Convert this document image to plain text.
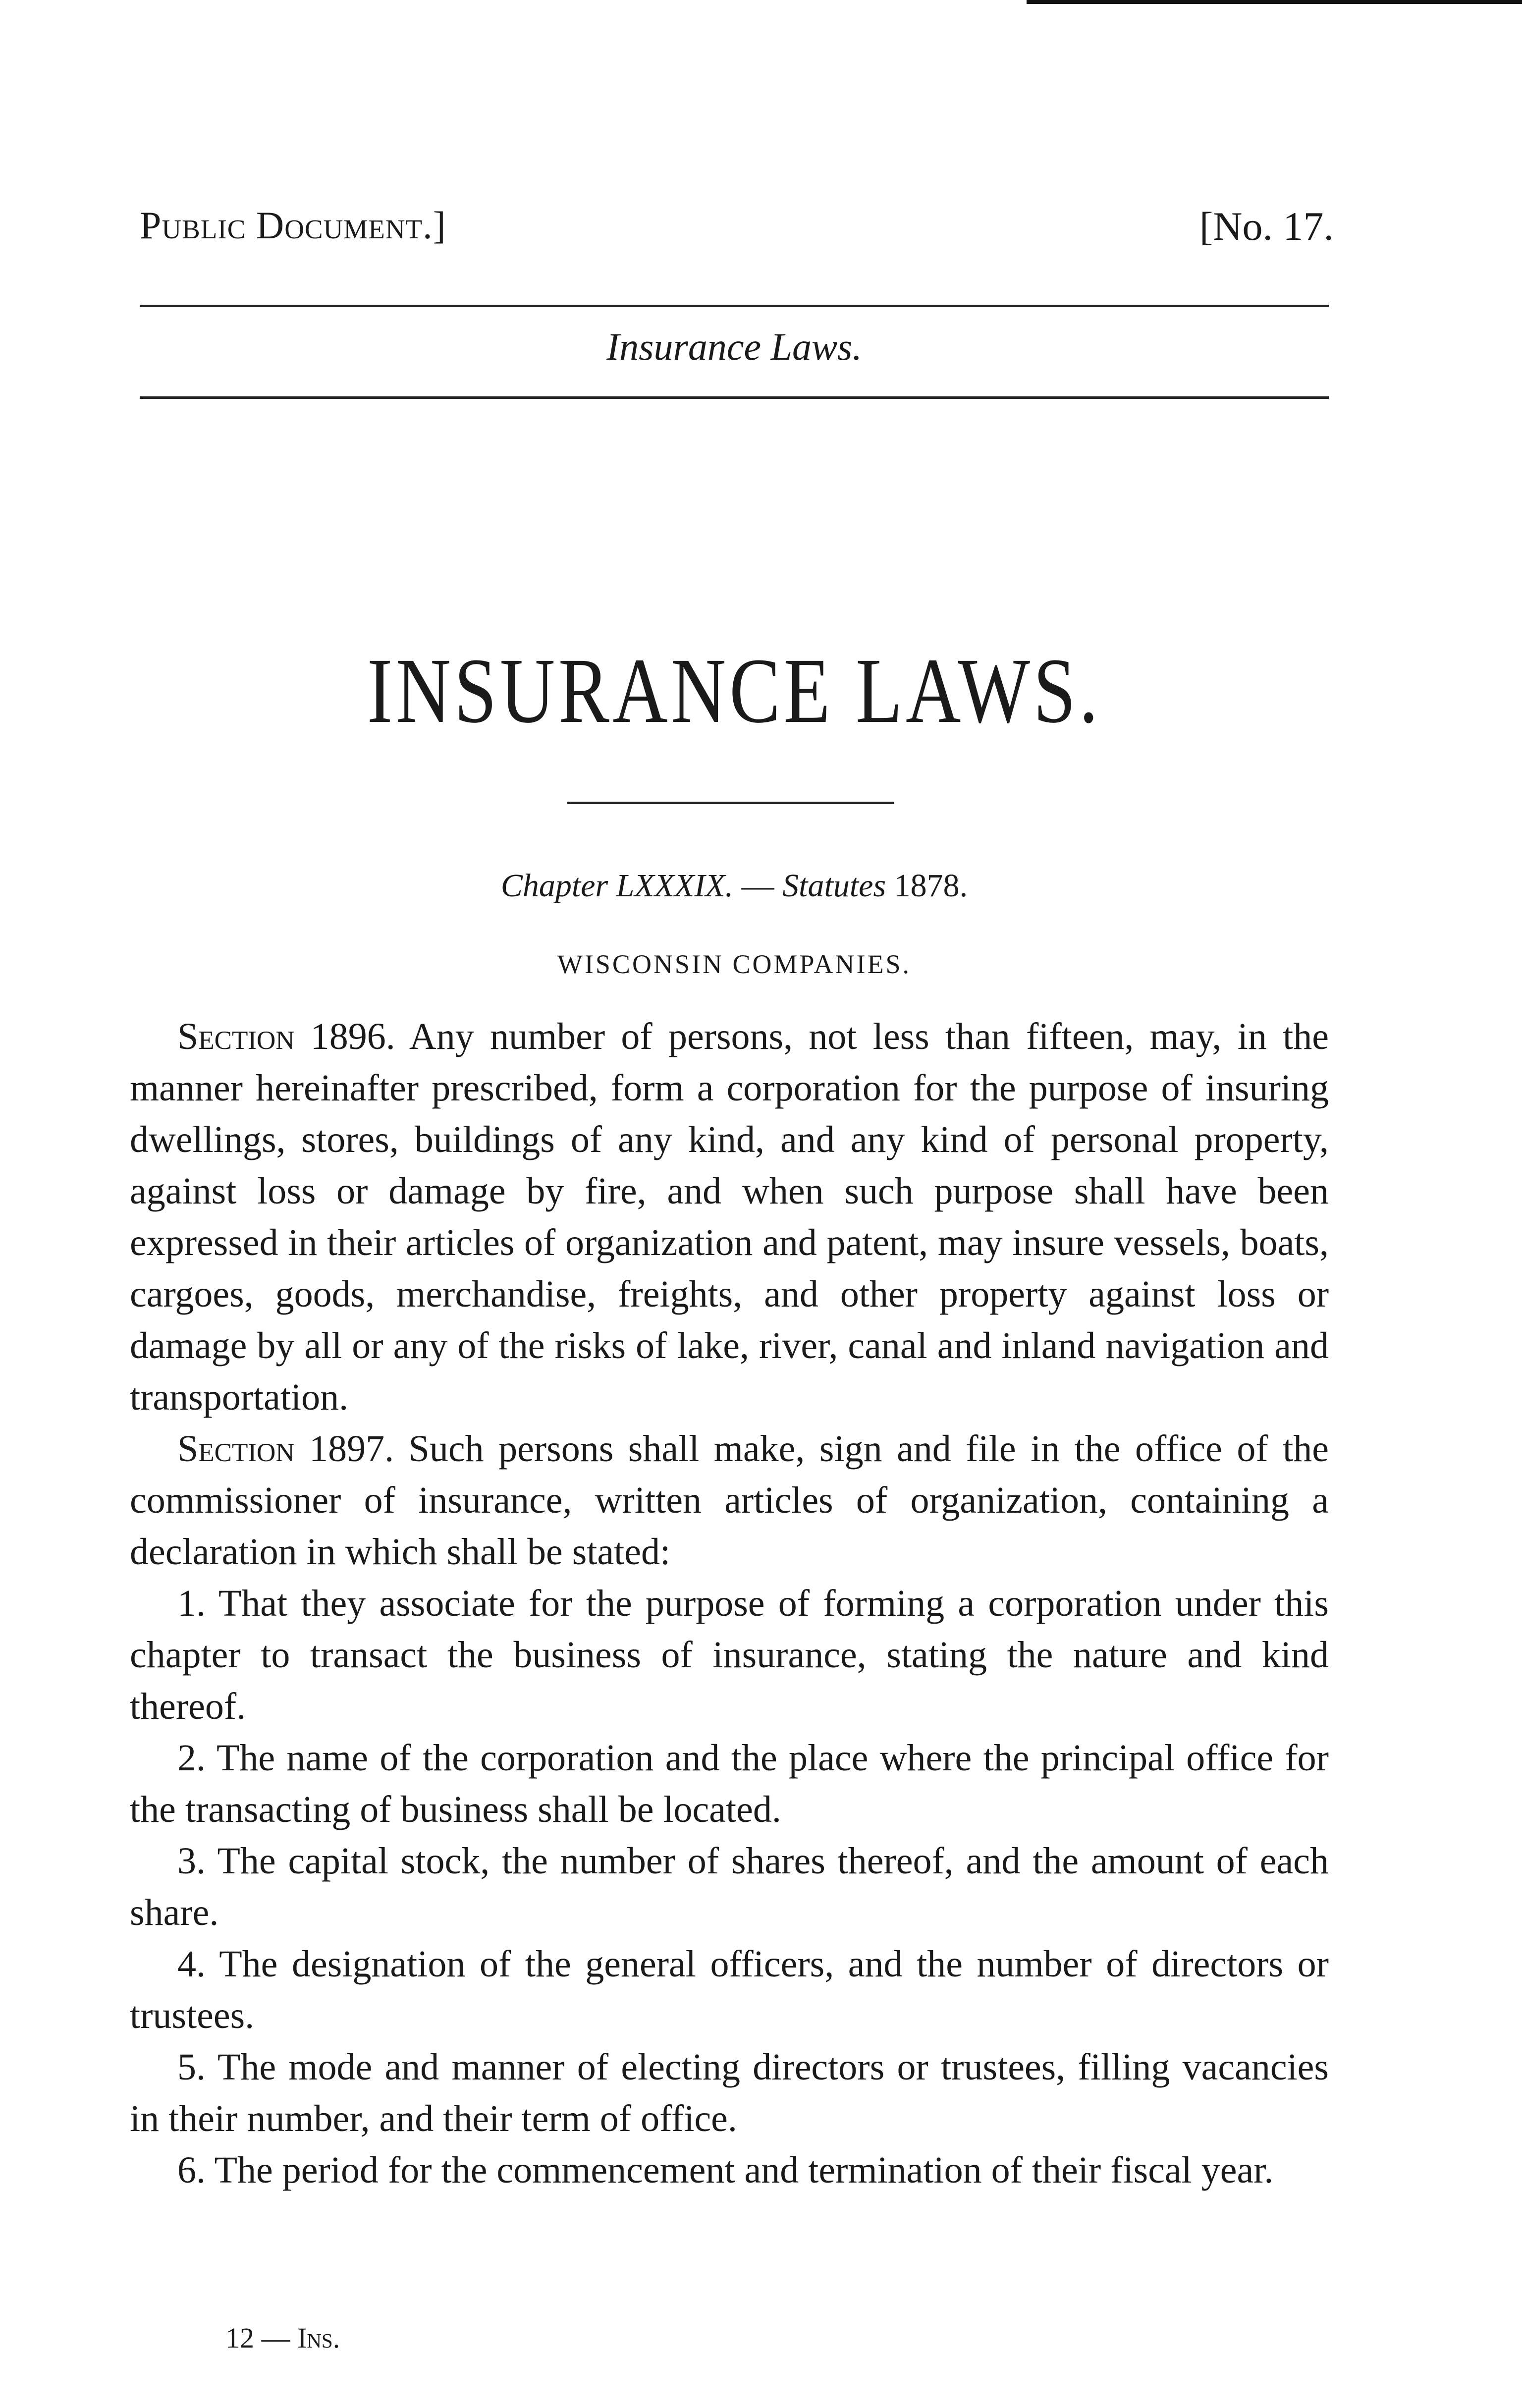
Public Document.]	[No. 17.
Insurance Laws.
INSURANCE LAWS.
Chapter LXXXIX. — Statutes 1878.
WISCONSIN COMPANIES.

Section 1896. Any number of persons, not less than fifteen, may, in the manner hereinafter prescribed, form a corporation for the purpose of insuring dwellings, stores, buildings of any kind, and any kind of personal property, against loss or damage by fire, and when such purpose shall have been expressed in their articles of organization and patent, may insure vessels, boats, cargoes, goods, merchandise, freights, and other property against loss or damage by all or any of the risks of lake, river, canal and inland navigation and transportation.

Section 1897. Such persons shall make, sign and file in the office of the commissioner of insurance, written articles of organization, containing a declaration in which shall be stated:

1. That they associate for the purpose of forming a corporation under this chapter to transact the business of insurance, stating the nature and kind thereof.

2. The name of the corporation and the place where the principal office for the transacting of business shall be located.

3. The capital stock, the number of shares thereof, and the amount of each share.

4. The designation of the general officers, and the number of directors or trustees.

5. The mode and manner of electing directors or trustees, filling vacancies in their number, and their term of office.

6. The period for the commencement and termination of their fiscal year.

12 — Ins.
